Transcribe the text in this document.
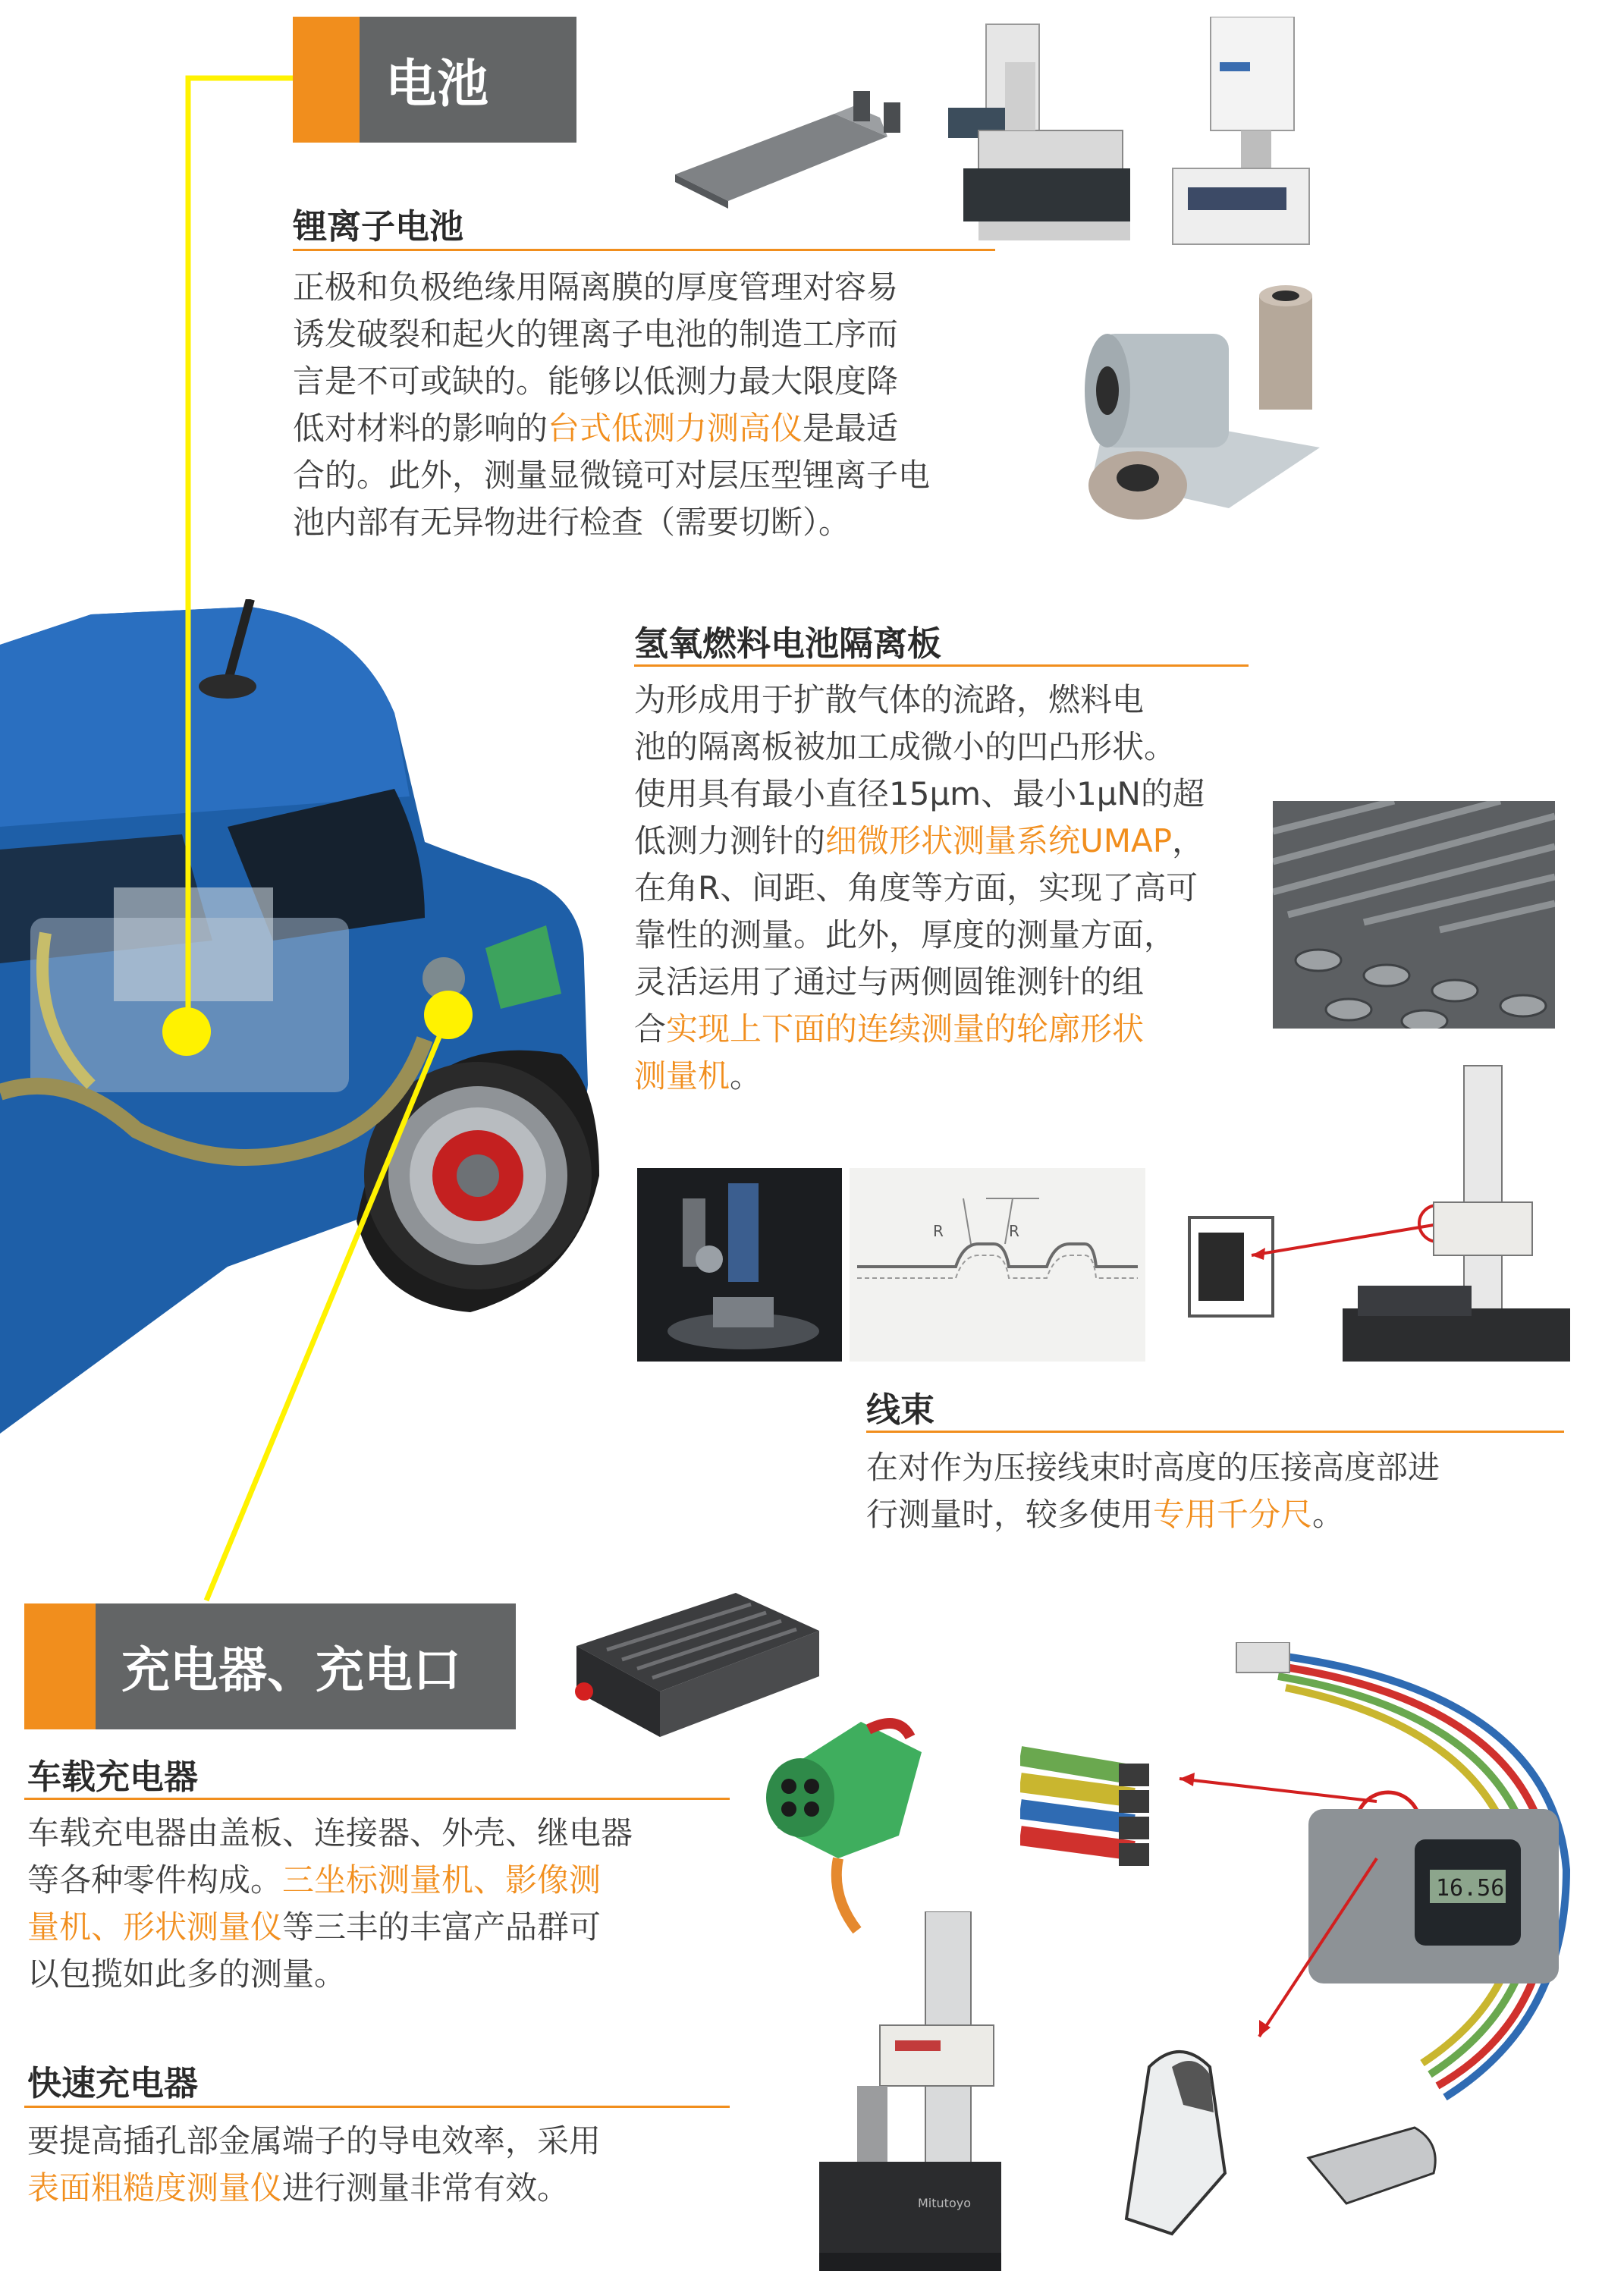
电池
锂离子电池
正极和负极绝缘用隔离膜的厚度管理对容易
诱发破裂和起火的锂离子电池的制造工序而
言是不可或缺的。能够以低测力最大限度降
低对材料的影响的台式低测力测高仪是最适
合的。此外，测量显微镜可对层压型锂离子电
池内部有无异物进行检查（需要切断）。
氢氧燃料电池隔离板
为形成用于扩散气体的流路，燃料电
池的隔离板被加工成微小的凹凸形状。
使用具有最小直径15μm、最小1μN的超
低测力测针的细微形状测量系统UMAP，
在角R、间距、角度等方面，实现了高可
靠性的测量。此外，厚度的测量方面，
灵活运用了通过与两侧圆锥测针的组
合实现上下面的连续测量的轮廓形状
测量机。
R	R
线束
在对作为压接线束时高度的压接高度部进
行测量时，较多使用专用千分尺。
充电器、充电口
车载充电器
车载充电器由盖板、连接器、外壳、继电器
等各种零件构成。三坐标测量机、影像测
量机、形状测量仪等三丰的丰富产品群可
以包揽如此多的测量。
16.56
快速充电器
要提高插孔部金属端子的导电效率，采用
表面粗糙度测量仪进行测量非常有效。	Mitutoyo
